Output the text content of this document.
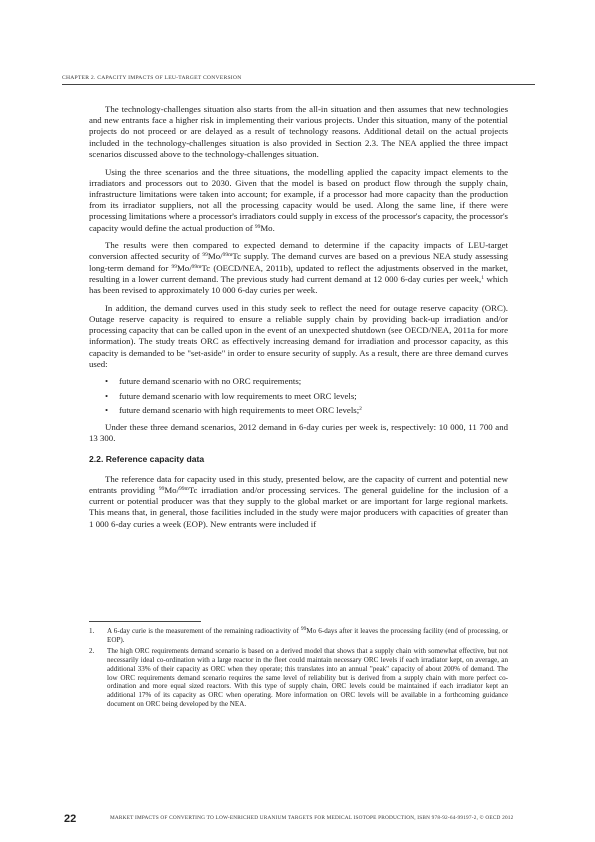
CHAPTER 2. CAPACITY IMPACTS OF LEU-TARGET CONVERSION

The technology-challenges situation also starts from the all-in situation and then assumes that new technologies and new entrants face a higher risk in implementing their various projects. Under this situation, many of the potential projects do not proceed or are delayed as a result of technology reasons. Additional detail on the actual projects included in the technology-challenges situation is also provided in Section 2.3. The NEA applied the three impact scenarios discussed above to the technology-challenges situation.

Using the three scenarios and the three situations, the modelling applied the capacity impact elements to the irradiators and processors out to 2030. Given that the model is based on product flow through the supply chain, infrastructure limitations were taken into account; for example, if a processor had more capacity than the production from its irradiator suppliers, not all the processing capacity would be used. Along the same line, if there were processing limitations where a processor's irradiators could supply in excess of the processor's capacity, the processor's capacity would define the actual production of $^{99}$Mo.

The results were then compared to expected demand to determine if the capacity impacts of LEU-target conversion affected security of $^{99}$Mo/$^{99m}$Tc supply. The demand curves are based on a previous NEA study assessing long-term demand for $^{99}$Mo/$^{99m}$Tc (OECD/NEA, 2011b), updated to reflect the adjustments observed in the market, resulting in a lower current demand. The previous study had current demand at 12 000 6-day curies per week,$^1$ which has been revised to approximately 10 000 6-day curies per week.

In addition, the demand curves used in this study seek to reflect the need for outage reserve capacity (ORC). Outage reserve capacity is required to ensure a reliable supply chain by providing back-up irradiation and/or processing capacity that can be called upon in the event of an unexpected shutdown (see OECD/NEA, 2011a for more information). The study treats ORC as effectively increasing demand for irradiation and processor capacity, as this capacity is demanded to be "set-aside" in order to ensure security of supply. As a result, there are three demand curves used:

• future demand scenario with no ORC requirements;
• future demand scenario with low requirements to meet ORC levels;
• future demand scenario with high requirements to meet ORC levels;$^2$

Under these three demand scenarios, 2012 demand in 6-day curies per week is, respectively: 10 000, 11 700 and 13 300.

2.2. Reference capacity data

The reference data for capacity used in this study, presented below, are the capacity of current and potential new entrants providing $^{99}$Mo/$^{99m}$Tc irradiation and/or processing services. The general guideline for the inclusion of a current or potential producer was that they supply to the global market or are important for large regional markets. This means that, in general, those facilities included in the study were major producers with capacities of greater than 1 000 6-day curies a week (EOP). New entrants were included if

1. A 6-day curie is the measurement of the remaining radioactivity of $^{99}$Mo 6-days after it leaves the processing facility (end of processing, or EOP).
2. The high ORC requirements demand scenario is based on a derived model that shows that a supply chain with somewhat effective, but not necessarily ideal co-ordination with a large reactor in the fleet could maintain necessary ORC levels if each irradiator kept, on average, an additional 33% of their capacity as ORC when they operate; this translates into an annual "peak" capacity of about 200% of demand. The low ORC requirements demand scenario requires the same level of reliability but is derived from a supply chain with more perfect co-ordination and more equal sized reactors. With this type of supply chain, ORC levels could be maintained if each irradiator kept an additional 17% of its capacity as ORC when operating. More information on ORC levels will be available in a forthcoming guidance document on ORC being developed by the NEA.
22	MARKET IMPACTS OF CONVERTING TO LOW-ENRICHED URANIUM TARGETS FOR MEDICAL ISOTOPE PRODUCTION, ISBN 978-92-64-99197-2, © OECD 2012
